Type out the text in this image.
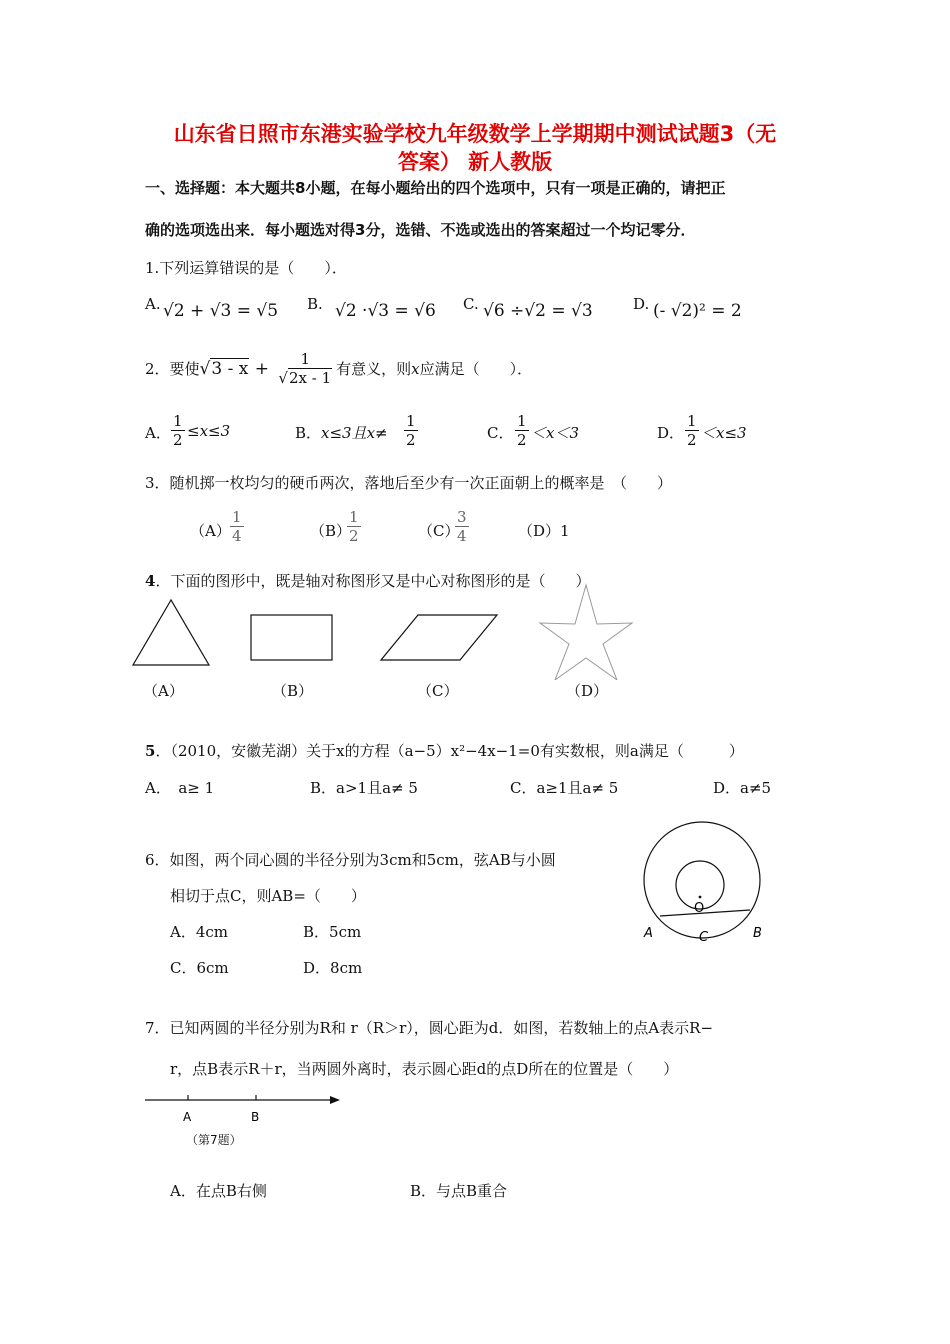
山东省日照市东港实验学校九年级数学上学期期中测试试题3（无
答案） 新人教版
一、选择题：本大题共8小题，在每小题给出的四个选项中，只有一项是正确的，请把正
确的选项选出来．每小题选对得3分，选错、不选或选出的答案超过一个均记零分．
1.下列运算错误的是（　　）．
A. √2 + √3 = √5 B. √2 ·√3 = √6 C. √6 ÷√2 = √3	D. (- √2)² = 2
2．要使 √ $3 - x + \frac{1}{√2x - 1}$ 有意义，则 x 应满足（　　）．
A． $\frac{1}{2} \le x\le 3$	B． x≤3且$x\ne \frac{1}{2}$	C． $\frac{1}{2} <x<3$	D． $\frac{1}{2} <x\le 3$
3．随机掷一枚均匀的硬币两次，落地后至少有一次正面朝上的概率是　（　　）
$(A) \frac{1}{4}$	（B）
$\frac{1}{2}$	（C）
$\frac{3}{4}$	（D）1
4．下面的图形中，既是轴对称图形又是中心对称图形的是（　　）
（A）	（B）	（C）	（D）
5．（2010，安徽芜湖）关于x的方程（a−5）x²−4x−1=0有实数根，则a满足（　　　）
A．　a≥ 1	B．a>1且a≠ 5	C．a≥1且a≠ 5	D．a≠5
6．如图，两个同心圆的半径分别为3cm和5cm，弦AB与小圆
相切于点C，则AB=（　　）
A．4cm	B．5cm
C．6cm	D．8cm
O
A	C	B
7．已知两圆的半径分别为R和 r（R＞r），圆心距为d．如图，若数轴上的点A表示R−
r，点B表示R＋r，当两圆外离时，表示圆心距d的点D所在的位置是（　　）
A	B
（第7题）
A．在点B右侧	B．与点B重合
